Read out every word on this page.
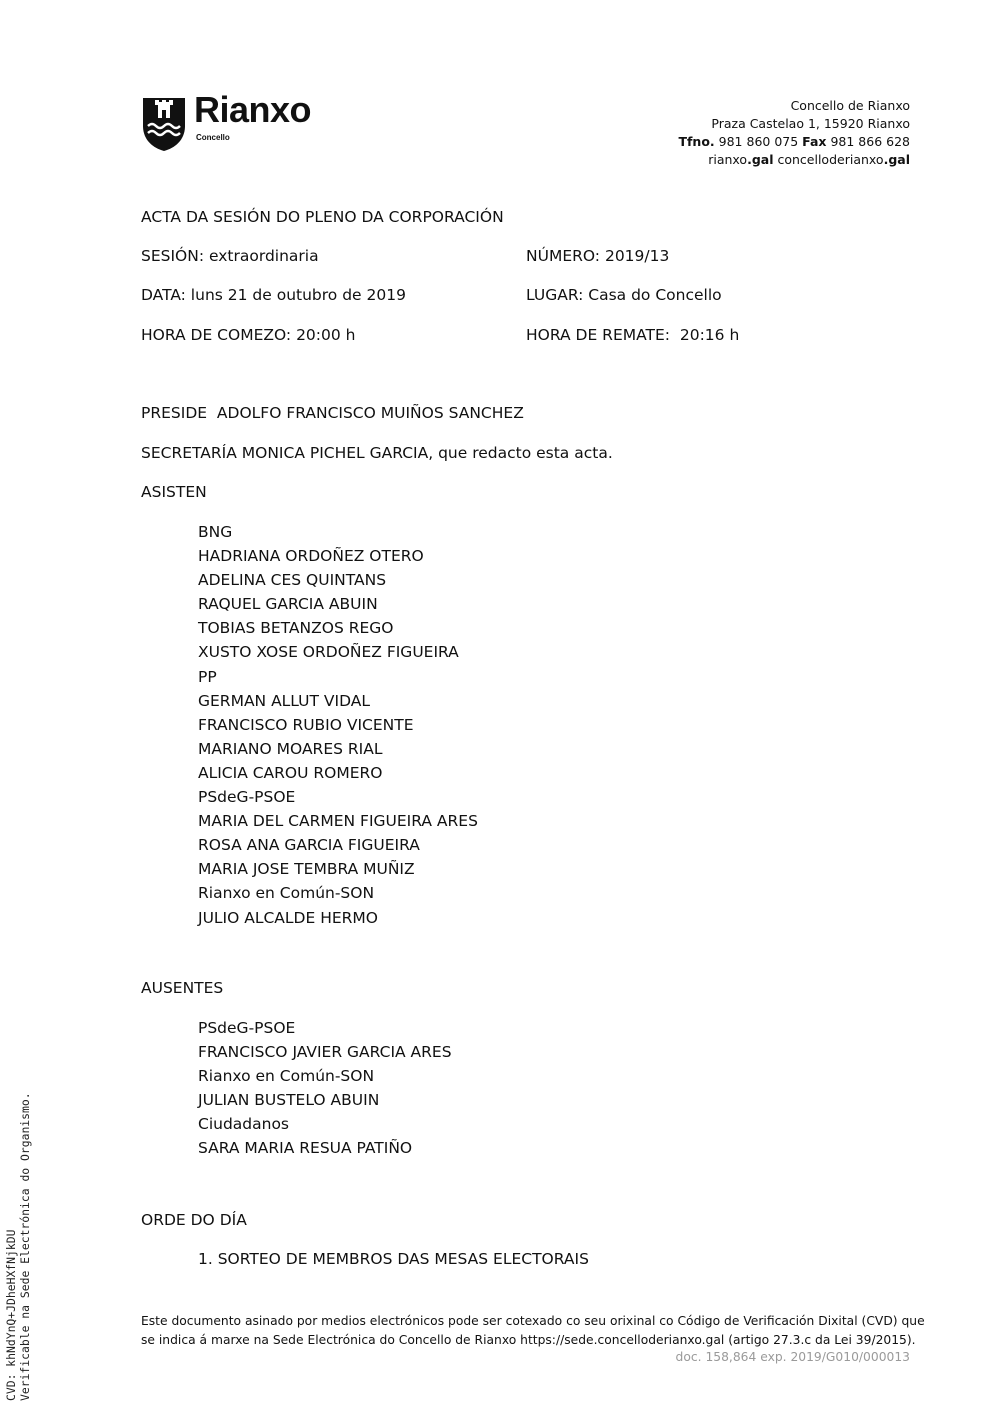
Rianxo
Concello
Concello de Rianxo
Praza Castelao 1, 15920 Rianxo
Tfno. 981 860 075 Fax 981 866 628
rianxo.gal concelloderianxo.gal
ACTA DA SESIÓN DO PLENO DA CORPORACIÓN
SESIÓN: extraordinaria	NÚMERO: 2019/13
DATA: luns 21 de outubro de 2019	LUGAR: Casa do Concello
HORA DE COMEZO: 20:00 h	HORA DE REMATE:  20:16 h
PRESIDE  ADOLFO FRANCISCO MUIÑOS SANCHEZ
SECRETARÍA MONICA PICHEL GARCIA, que redacto esta acta.
ASISTEN
BNG
HADRIANA ORDOÑEZ OTERO
ADELINA CES QUINTANS
RAQUEL GARCIA ABUIN
TOBIAS BETANZOS REGO
XUSTO XOSE ORDOÑEZ FIGUEIRA
PP
GERMAN ALLUT VIDAL
FRANCISCO RUBIO VICENTE
MARIANO MOARES RIAL
ALICIA CAROU ROMERO
PSdeG-PSOE
MARIA DEL CARMEN FIGUEIRA ARES
ROSA ANA GARCIA FIGUEIRA
MARIA JOSE TEMBRA MUÑIZ
Rianxo en Común-SON
JULIO ALCALDE HERMO
AUSENTES
PSdeG-PSOE
FRANCISCO JAVIER GARCIA ARES
Rianxo en Común-SON
JULIAN BUSTELO ABUIN
Ciudadanos
SARA MARIA RESUA PATIÑO
ORDE DO DÍA
1. SORTEO DE MEMBROS DAS MESAS ELECTORAIS
Este documento asinado por medios electrónicos pode ser cotexado co seu orixinal co Código de Verificación Dixital (CVD) que
se indica á marxe na Sede Electrónica do Concello de Rianxo https://sede.concelloderianxo.gal (artigo 27.3.c da Lei 39/2015).
doc. 158,864 exp. 2019/G010/000013
CVD: khNdYnQ+JDheHXfNjkDU Verificable na Sede Electrónica do Organismo.
